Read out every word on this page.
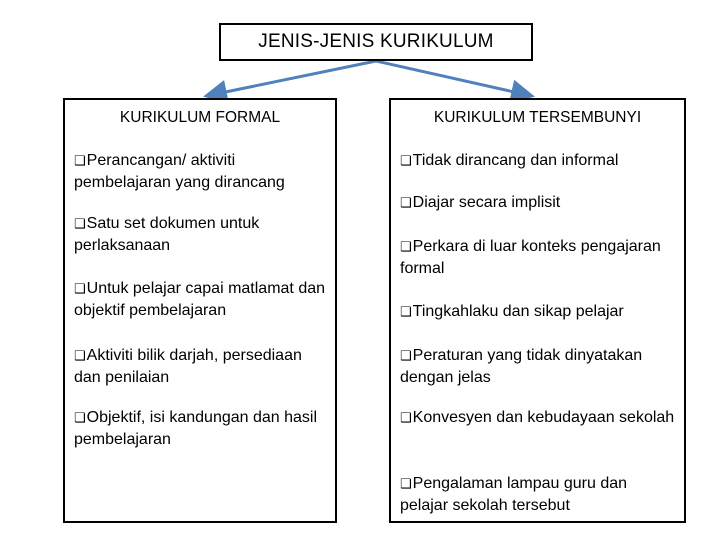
JENIS-JENIS KURIKULUM
KURIKULUM FORMAL
❑Perancangan/ aktiviti pembelajaran yang dirancang
❑Satu set dokumen untuk perlaksanaan
❑Untuk pelajar capai matlamat dan objektif pembelajaran
❑Aktiviti bilik darjah, persediaan dan penilaian
❑Objektif, isi kandungan dan hasil pembelajaran
KURIKULUM TERSEMBUNYI
❑Tidak dirancang dan informal
❑Diajar secara implisit
❑Perkara di luar konteks pengajaran formal
❑Tingkahlaku dan sikap pelajar
❑Peraturan yang tidak dinyatakan dengan jelas
❑Konvesyen dan kebudayaan sekolah
❑Pengalaman lampau guru dan pelajar sekolah tersebut
